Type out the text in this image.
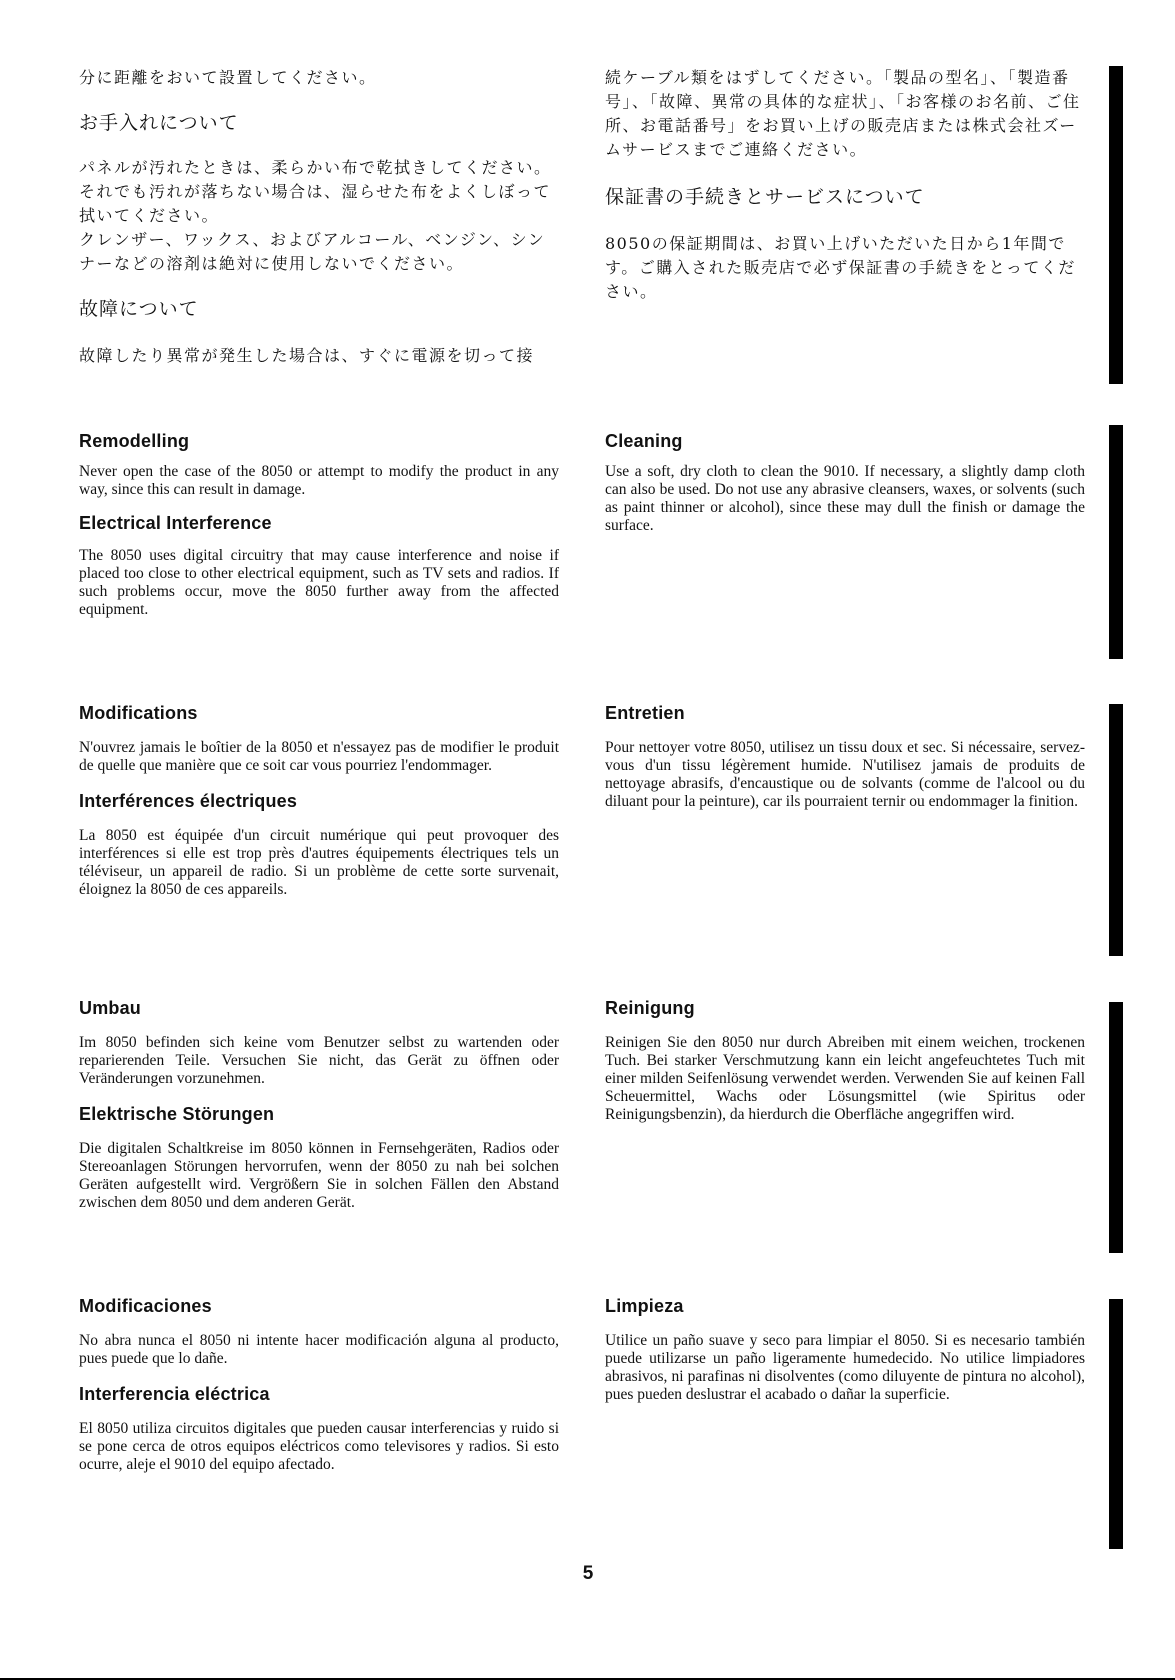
分に距離をおいて設置してください。

お手入れについて

パネルが汚れたときは、柔らかい布で乾拭きしてください。それでも汚れが落ちない場合は、湿らせた布をよくしぼって拭いてください。

クレンザー、ワックス、およびアルコール、ベンジン、シンナーなどの溶剤は絶対に使用しないでください。

故障について

故障したり異常が発生した場合は、すぐに電源を切って接

続ケーブル類をはずしてください。「製品の型名」、「製造番号」、「故障、異常の具体的な症状」、「お客様のお名前、ご住所、お電話番号」をお買い上げの販売店または株式会社ズームサービスまでご連絡ください。

保証書の手続きとサービスについて

8050の保証期間は、お買い上げいただいた日から1年間です。ご購入された販売店で必ず保証書の手続きをとってください。

Remodelling

Never open the case of the 8050 or attempt to modify the product in any way, since this can result in damage.

Electrical Interference

The 8050 uses digital circuitry that may cause interference and noise if placed too close to other electrical equipment, such as TV sets and radios. If such problems occur, move the 8050 further away from the affected equipment.

Cleaning

Use a soft, dry cloth to clean the 9010. If necessary, a slightly damp cloth can also be used. Do not use any abrasive cleansers, waxes, or solvents (such as paint thinner or alcohol), since these may dull the finish or damage the surface.

Modifications

N'ouvrez jamais le boîtier de la 8050 et n'essayez pas de modifier le produit de quelle que manière que ce soit car vous pourriez l'endommager.

Interférences électriques

La 8050 est équipée d'un circuit numérique qui peut provoquer des interférences si elle est trop près d'autres équipements électriques tels un téléviseur, un appareil de radio. Si un problème de cette sorte survenait, éloignez la 8050 de ces appareils.

Entretien

Pour nettoyer votre 8050, utilisez un tissu doux et sec. Si nécessaire, servez-vous d'un tissu légèrement humide. N'utilisez jamais de produits de nettoyage abrasifs, d'encaustique ou de solvants (comme de l'alcool ou du diluant pour la peinture), car ils pourraient ternir ou endommager la finition.

Umbau

Im 8050 befinden sich keine vom Benutzer selbst zu wartenden oder reparierenden Teile. Versuchen Sie nicht, das Gerät zu öffnen oder Veränderungen vorzunehmen.

Elektrische Störungen

Die digitalen Schaltkreise im 8050 können in Fernsehgeräten, Radios oder Stereoanlagen Störungen hervorrufen, wenn der 8050 zu nah bei solchen Geräten aufgestellt wird. Vergrößern Sie in solchen Fällen den Abstand zwischen dem 8050 und dem anderen Gerät.

Reinigung

Reinigen Sie den 8050 nur durch Abreiben mit einem weichen, trockenen Tuch. Bei starker Verschmutzung kann ein leicht angefeuchtetes Tuch mit einer milden Seifenlösung verwendet werden. Verwenden Sie auf keinen Fall Scheuermittel, Wachs oder Lösungsmittel (wie Spiritus oder Reinigungsbenzin), da hierdurch die Oberfläche angegriffen wird.

Modificaciones

No abra nunca el 8050 ni intente hacer modificación alguna al producto, pues puede que lo dañe.

Interferencia eléctrica

El 8050 utiliza circuitos digitales que pueden causar interferencias y ruido si se pone cerca de otros equipos eléctricos como televisores y radios. Si esto ocurre, aleje el 9010 del equipo afectado.

Limpieza

Utilice un paño suave y seco para limpiar el 8050. Si es necesario también puede utilizarse un paño ligeramente humedecido. No utilice limpiadores abrasivos, ni parafinas ni disolventes (como diluyente de pintura no alcohol), pues pueden deslustrar el acabado o dañar la superficie.

5
